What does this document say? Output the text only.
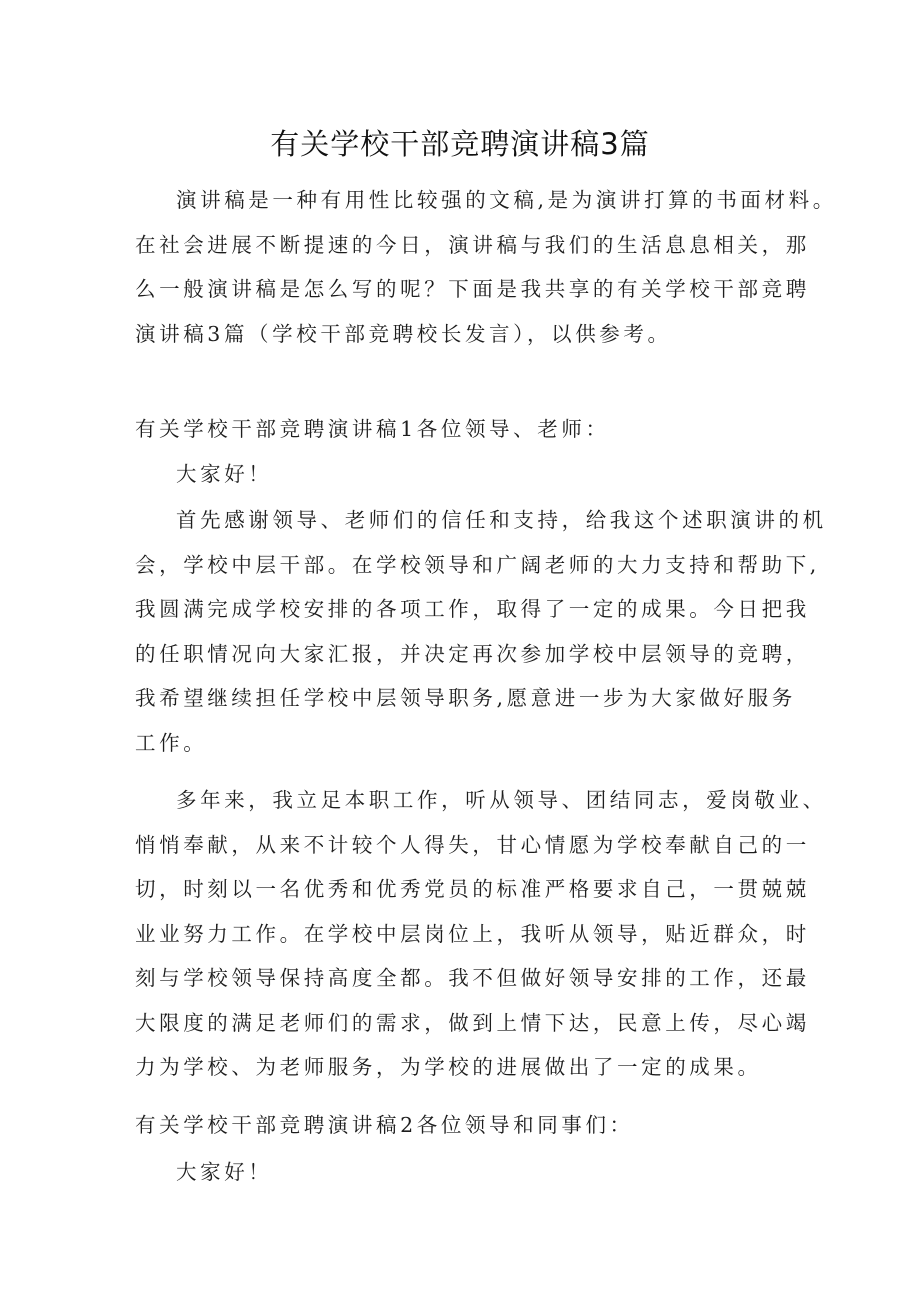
有关学校干部竞聘演讲稿3篇
演讲稿是一种有用性比较强的文稿,是为演讲打算的书面材料。
在社会进展不断提速的今日，演讲稿与我们的生活息息相关，那
么一般演讲稿是怎么写的呢？下面是我共享的有关学校干部竞聘
演讲稿3篇（学校干部竞聘校长发言），以供参考。
有关学校干部竞聘演讲稿1各位领导、老师：
大家好！
首先感谢领导、老师们的信任和支持，给我这个述职演讲的机
会，学校中层干部。在学校领导和广阔老师的大力支持和帮助下,
我圆满完成学校安排的各项工作，取得了一定的成果。今日把我
的任职情况向大家汇报，并决定再次参加学校中层领导的竞聘，
我希望继续担任学校中层领导职务,愿意进一步为大家做好服务
工作。
多年来，我立足本职工作，听从领导、团结同志，爱岗敬业、
悄悄奉献，从来不计较个人得失，甘心情愿为学校奉献自己的一
切，时刻以一名优秀和优秀党员的标准严格要求自己，一贯兢兢
业业努力工作。在学校中层岗位上，我听从领导，贴近群众，时
刻与学校领导保持高度全都。我不但做好领导安排的工作，还最
大限度的满足老师们的需求，做到上情下达，民意上传，尽心竭
力为学校、为老师服务，为学校的进展做出了一定的成果。
有关学校干部竞聘演讲稿2各位领导和同事们：
大家好！
